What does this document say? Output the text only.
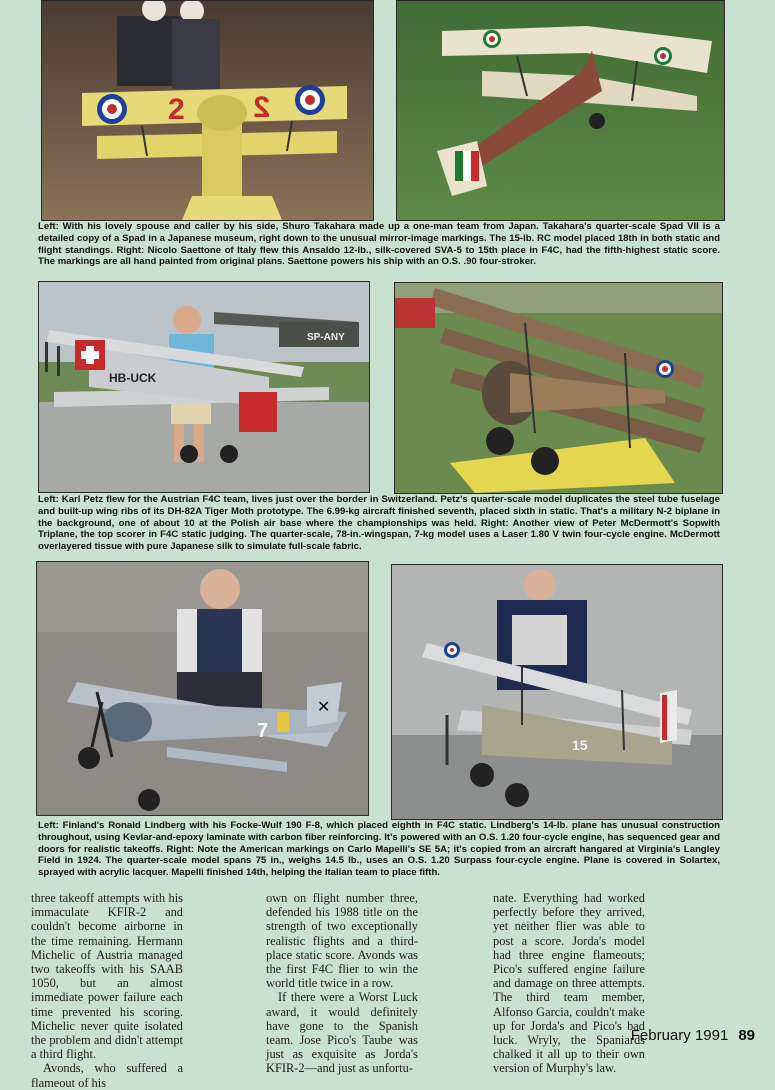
2 2

Left: With his lovely spouse and caller by his side, Shuro Takahara made up a one-man team from Japan. Takahara's quarter-scale Spad VII is a detailed copy of a Spad in a Japanese museum, right down to the unusual mirror-image markings. The 15-lb. RC model placed 18th in both static and flight standings. Right: Nicolo Saettone of Italy flew this Ansaldo 12-lb., silk-covered SVA-5 to 15th place in F4C, had the fifth-highest static score. The markings are all hand painted from original plans. Saettone powers his ship with an O.S. .90 four-stroker.

SP-ANY
HB-UCK

Left: Karl Petz flew for the Austrian F4C team, lives just over the border in Switzerland. Petz's quarter-scale model duplicates the steel tube fuselage and built-up wing ribs of its DH-82A Tiger Moth prototype. The 6.99-kg aircraft finished seventh, placed sixth in static. That's a military N-2 biplane in the background, one of about 10 at the Polish air base where the championships was held. Right: Another view of Peter McDermott's Sopwith Triplane, the top scorer in F4C static judging. The quarter-scale, 78-in.-wingspan, 7-kg model uses a Laser 1.80 V twin four-cycle engine. McDermott overlayered tissue with pure Japanese silk to simulate full-scale fabric.

✕
7
15

Left: Finland's Ronald Lindberg with his Focke-Wulf 190 F-8, which placed eighth in F4C static. Lindberg's 14-lb. plane has unusual construction throughout, using Kevlar-and-epoxy laminate with carbon fiber reinforcing. It's powered with an O.S. 1.20 four-cycle engine, has sequenced gear and doors for realistic takeoffs. Right: Note the American markings on Carlo Mapelli's SE 5A; it's copied from an aircraft hangared at Virginia's Langley Field in 1924. The quarter-scale model spans 75 in., weighs 14.5 lb., uses an O.S. 1.20 Surpass four-cycle engine. Plane is covered in Solartex, sprayed with acrylic lacquer. Mapelli finished 14th, helping the Italian team to place fifth.

three takeoff attempts with his immaculate KFIR-2 and couldn't become airborne in the time remaining. Hermann Michelic of Austria managed two takeoffs with his SAAB 1050, but an almost immediate power failure each time prevented his scoring. Michelic never quite isolated the problem and didn't attempt a third flight.

Avonds, who suffered a flameout of his

own on flight number three, defended his 1988 title on the strength of two exceptionally realistic flights and a third-place static score. Avonds was the first F4C flier to win the world title twice in a row.

If there were a Worst Luck award, it would definitely have gone to the Spanish team. Jose Pico's Taube was just as exquisite as Jorda's KFIR-2—and just as unfortu-

nate. Everything had worked perfectly before they arrived, yet neither flier was able to post a score. Jorda's model had three engine flameouts; Pico's suffered engine failure and damage on three attempts. The third team member, Alfonso Garcia, couldn't make up for Jorda's and Pico's bad luck. Wryly, the Spaniards chalked it all up to their own version of Murphy's law.

February 1991 89
